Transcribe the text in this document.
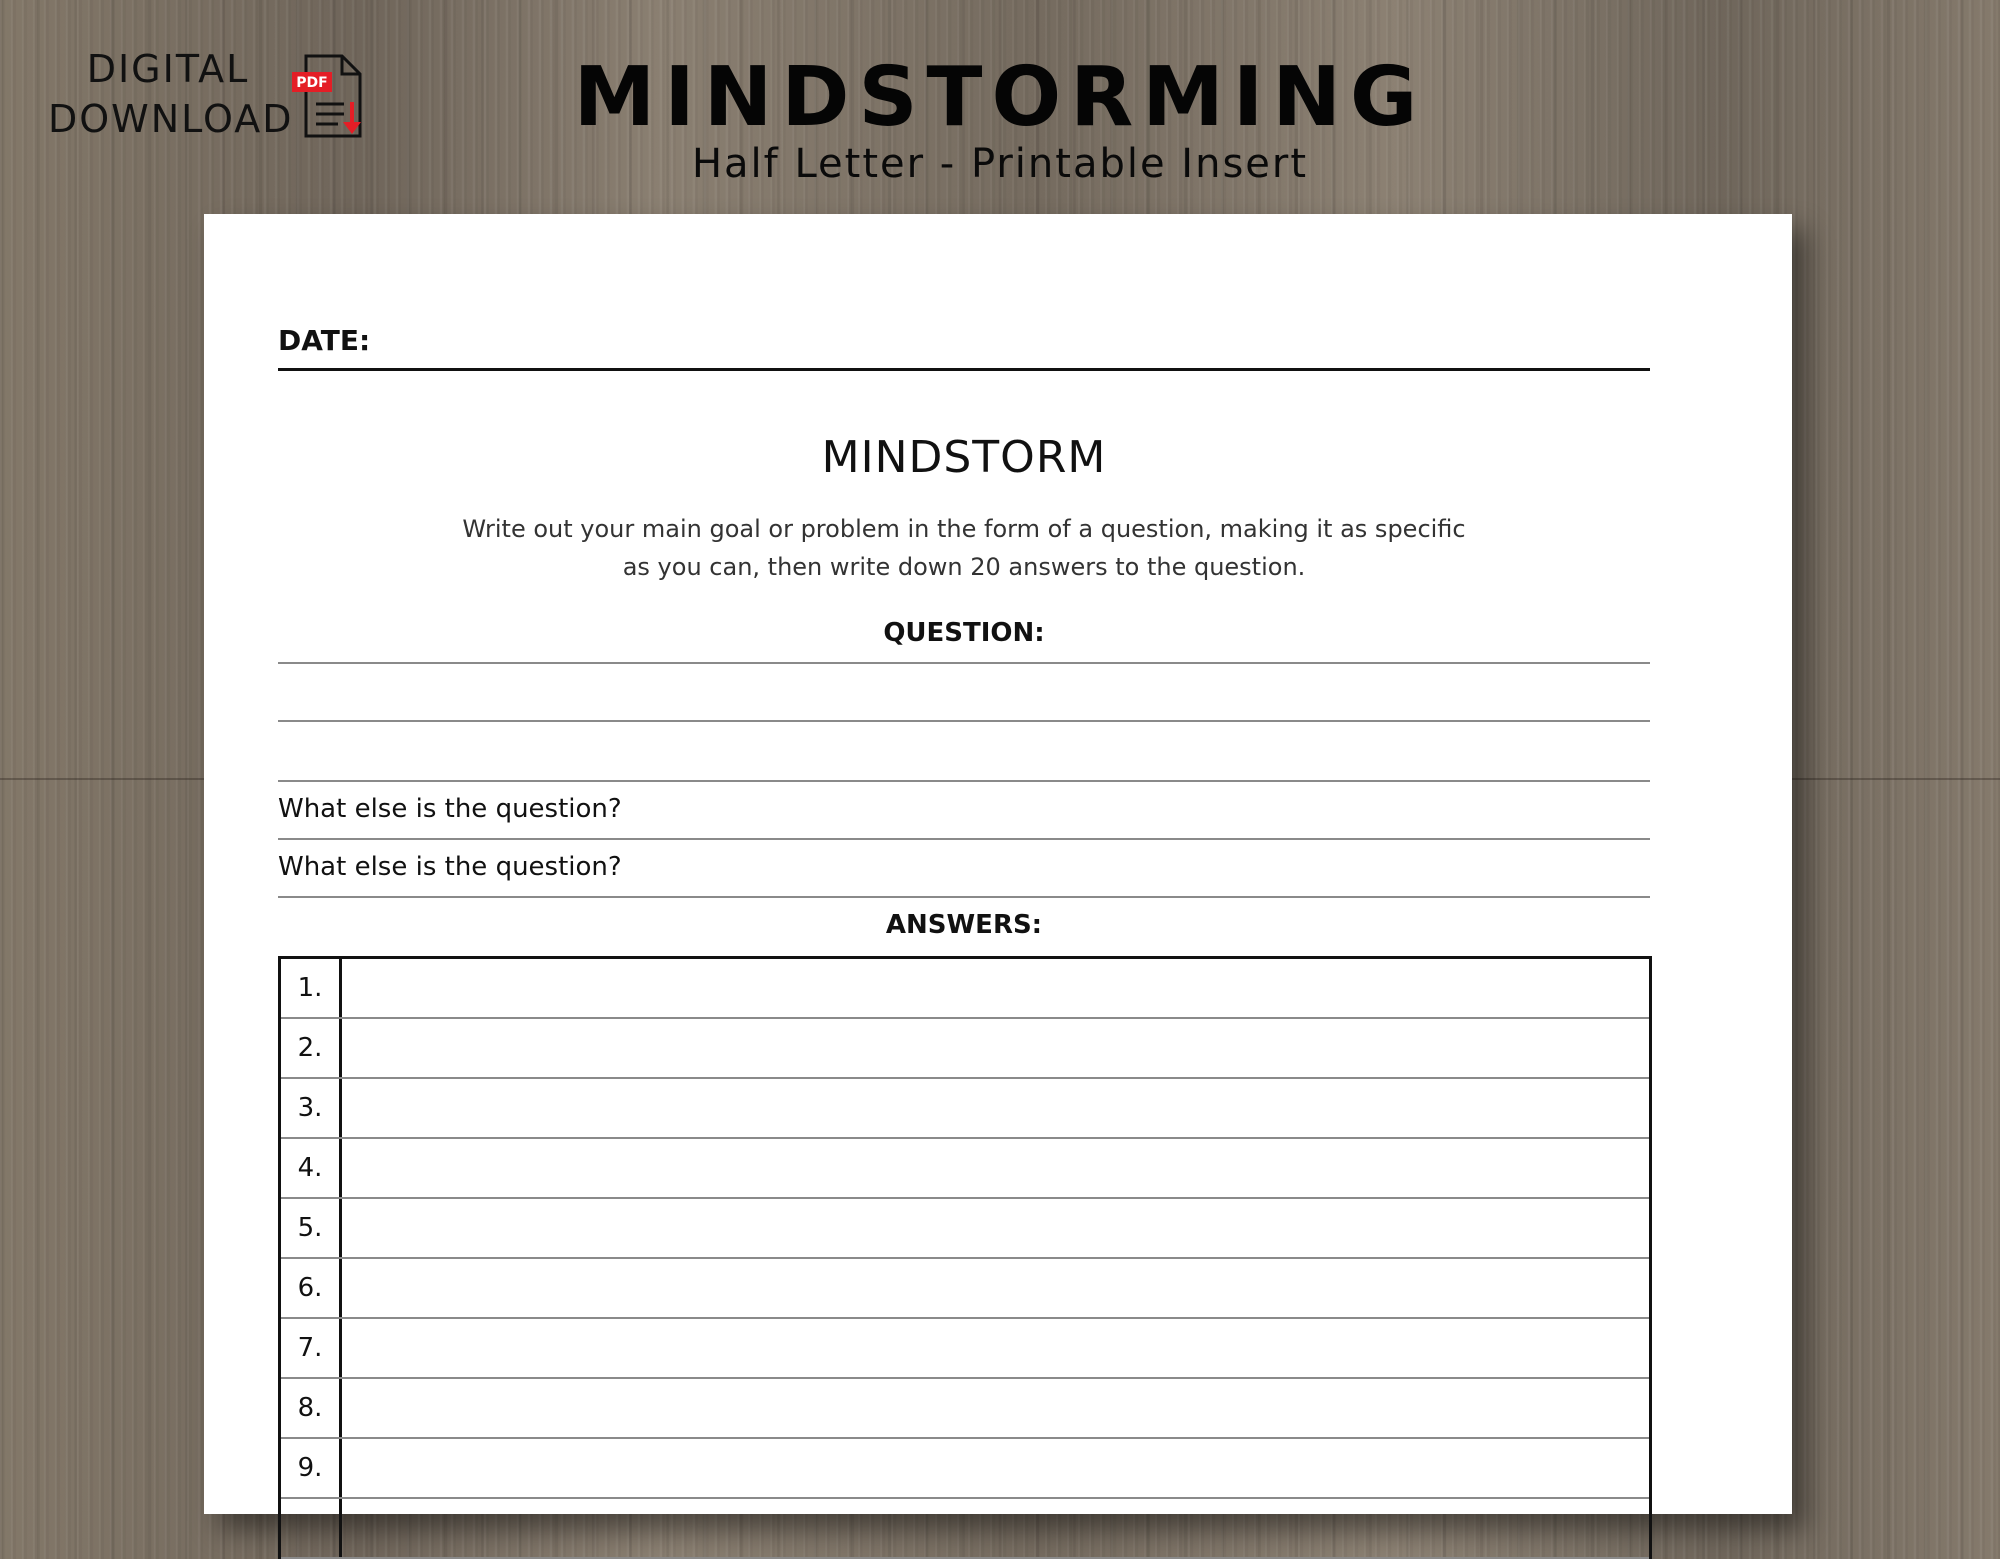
DIGITAL
DOWNLOAD
PDF	MINDSTORMING
Half Letter - Printable Insert
DATE:
MINDSTORM
Write out your main goal or problem in the form of a question, making it as specific
as you can, then write down 20 answers to the question.
QUESTION:
What else is the question?
What else is the question?
ANSWERS:
1.
2.
3.
4.
5.
6.
7.
8.
9.
